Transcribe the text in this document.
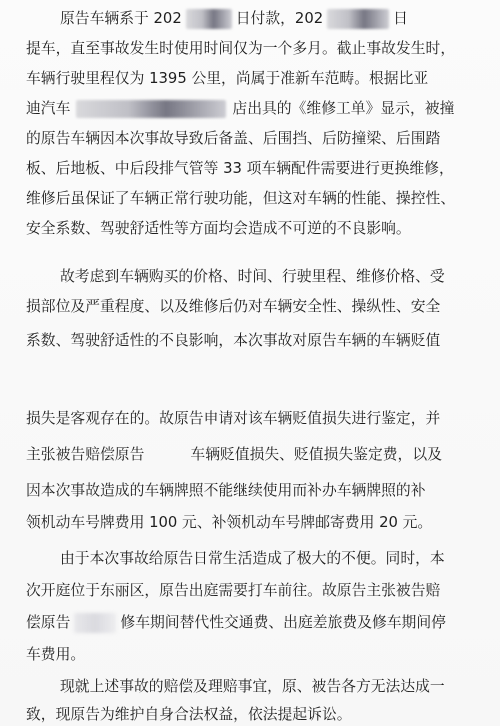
原告车辆系于 202	日付款，202	日
提车，直至事故发生时使用时间仅为一个多月。截止事故发生时，
车辆行驶里程仅为 1395 公里，尚属于准新车范畴。根据比亚
迪汽车	店出具的《维修工单》显示，被撞
的原告车辆因本次事故导致后备盖、后围挡、后防撞梁、后围踏
板、后地板、中后段排气管等 33 项车辆配件需要进行更换维修，
维修后虽保证了车辆正常行驶功能，但这对车辆的性能、操控性、
安全系数、驾驶舒适性等方面均会造成不可逆的不良影响。
故考虑到车辆购买的价格、时间、行驶里程、维修价格、受
损部位及严重程度、以及维修后仍对车辆安全性、操纵性、安全
系数、驾驶舒适性的不良影响，本次事故对原告车辆的车辆贬值
损失是客观存在的。故原告申请对该车辆贬值损失进行鉴定，并
主张被告赔偿原告	车辆贬值损失、贬值损失鉴定费，以及
因本次事故造成的车辆牌照不能继续使用而补办车辆牌照的补
领机动车号牌费用 100 元、补领机动车号牌邮寄费用 20 元。
由于本次事故给原告日常生活造成了极大的不便。同时，本
次开庭位于东丽区，原告出庭需要打车前往。故原告主张被告赔
偿原告	修车期间替代性交通费、出庭差旅费及修车期间停
车费用。
现就上述事故的赔偿及理赔事宜，原、被告各方无法达成一
致，现原告为维护自身合法权益，依法提起诉讼。
